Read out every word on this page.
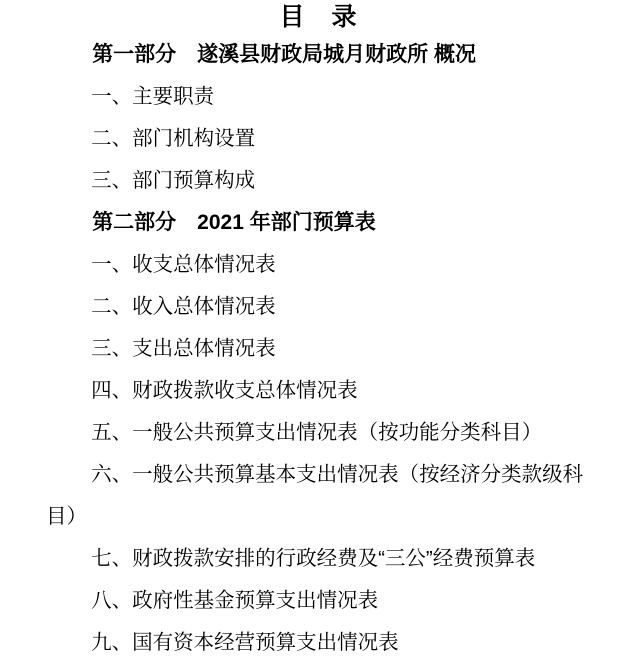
目　录

第一部分　遂溪县财政局城月财政所 概况

一、主要职责

二、部门机构设置

三、部门预算构成

第二部分　2021 年部门预算表

一、收支总体情况表

二、收入总体情况表

三、支出总体情况表

四、财政拨款收支总体情况表

五、一般公共预算支出情况表（按功能分类科目）

六、一般公共预算基本支出情况表（按经济分类款级科目）

七、财政拨款安排的行政经费及“三公”经费预算表

八、政府性基金预算支出情况表

九、国有资本经营预算支出情况表
